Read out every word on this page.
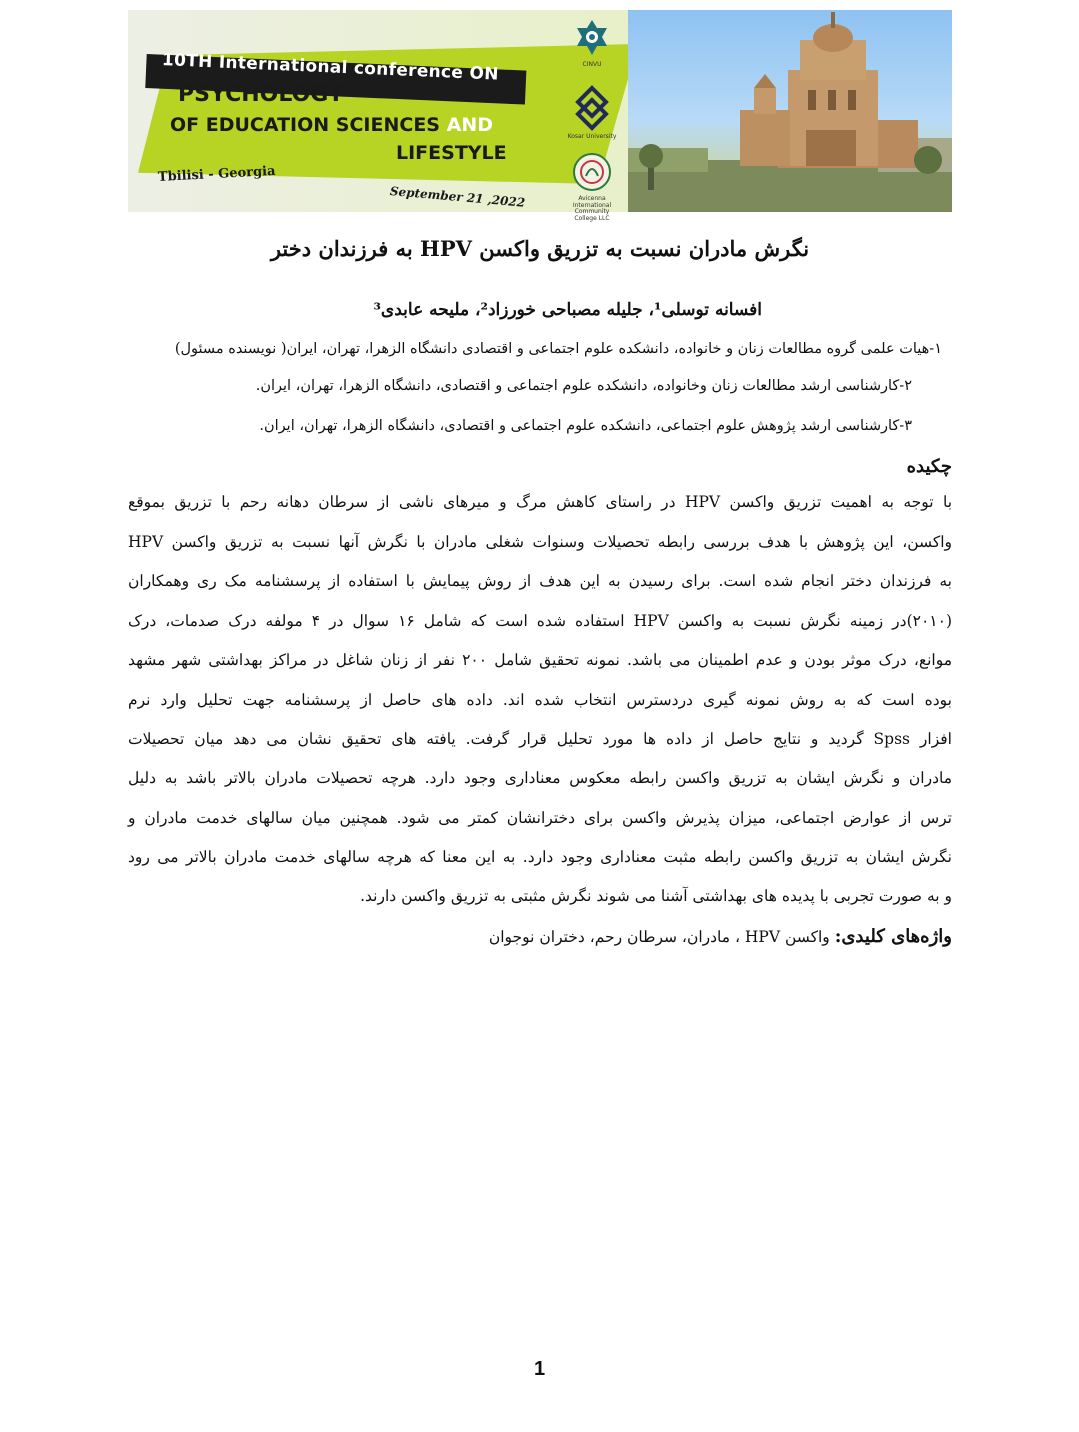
10TH International conference ON
PSYCHOLOGY
OF EDUCATION SCIENCES AND
LIFESTYLE
Tbilisi - Georgia
September 21 ,2022
CINVU
Kosar University
Avicenna International Community College LLC
نگرش مادران نسبت به تزریق واکسن HPV به فرزندان دختر
افسانه توسلی¹، جلیله مصباحی خورزاد²، ملیحه عابدی³
۱-هیات علمی گروه مطالعات زنان و خانواده، دانشکده علوم اجتماعی و اقتصادی دانشگاه الزهرا، تهران، ایران( نویسنده مسئول)
۲-کارشناسی ارشد مطالعات زنان وخانواده، دانشکده علوم اجتماعی و اقتصادی، دانشگاه الزهرا، تهران، ایران.
۳-کارشناسی ارشد پژوهش علوم اجتماعی، دانشکده علوم اجتماعی و اقتصادی، دانشگاه الزهرا، تهران، ایران.
چکیده
با توجه به اهمیت تزریق واکسن HPV در راستای کاهش مرگ و میرهای ناشی از سرطان دهانه رحم با تزریق بموقع
واکسن، این پژوهش با هدف بررسی رابطه تحصیلات وسنوات شغلی مادران با نگرش آنها نسبت به تزریق واکسن HPV
به فرزندان دختر انجام شده است. برای رسیدن به این هدف از روش پیمایش با استفاده از پرسشنامه مک ری وهمکاران
(۲۰۱۰)در زمینه نگرش نسبت به واکسن HPV استفاده شده است که شامل ۱۶ سوال در ۴ مولفه درک صدمات، درک
موانع، درک موثر بودن و عدم اطمینان می باشد. نمونه تحقیق شامل ۲۰۰ نفر از زنان شاغل در مراکز بهداشتی شهر مشهد
بوده است که به روش نمونه گیری دردسترس انتخاب شده اند. داده های حاصل از پرسشنامه جهت تحلیل وارد نرم
افزار Spss گردید و نتایج حاصل از داده ها مورد تحلیل قرار گرفت. یافته های تحقیق نشان می دهد میان تحصیلات
مادران و نگرش ایشان به تزریق واکسن رابطه معکوس معناداری وجود دارد. هرچه تحصیلات مادران بالاتر باشد به دلیل
ترس از عوارض اجتماعی، میزان پذیرش واکسن برای دخترانشان کمتر می شود. همچنین میان سالهای خدمت مادران و
نگرش ایشان به تزریق واکسن رابطه مثبت معناداری وجود دارد. به این معنا که هرچه سالهای خدمت مادران بالاتر می رود
و به صورت تجربی با پدیده های بهداشتی آشنا می شوند نگرش مثبتی به تزریق واکسن دارند.
واژه‌های کلیدی: واکسن HPV ، مادران، سرطان رحم، دختران نوجوان
1
